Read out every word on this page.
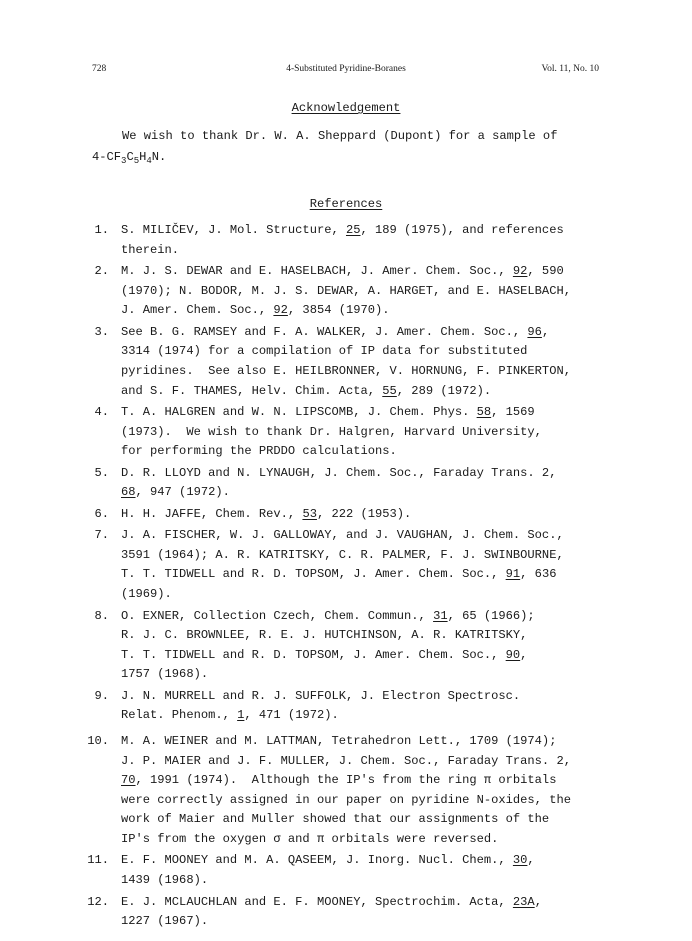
728	4-Substituted Pyridine-Boranes	Vol. 11, No. 10
Acknowledgement
We wish to thank Dr. W. A. Sheppard (Dupont) for a sample of
$4-CF_3C_5H_4N$.
References
1. S. MILIČEV, J. Mol. Structure, 25, 189 (1975), and references
therein.
2. M. J. S. DEWAR and E. HASELBACH, J. Amer. Chem. Soc., 92, 590
(1970); N. BODOR, M. J. S. DEWAR, A. HARGET, and E. HASELBACH,
J. Amer. Chem. Soc., 92, 3854 (1970).
3. See B. G. RAMSEY and F. A. WALKER, J. Amer. Chem. Soc., 96,
3314 (1974) for a compilation of IP data for substituted
pyridines.  See also E. HEILBRONNER, V. HORNUNG, F. PINKERTON,
and S. F. THAMES, Helv. Chim. Acta, 55, 289 (1972).
4. T. A. HALGREN and W. N. LIPSCOMB, J. Chem. Phys. 58, 1569
(1973).  We wish to thank Dr. Halgren, Harvard University,
for performing the PRDDO calculations.
5. D. R. LLOYD and N. LYNAUGH, J. Chem. Soc., Faraday Trans. 2,
68, 947 (1972).
6. H. H. JAFFE, Chem. Rev., 53, 222 (1953).
7. J. A. FISCHER, W. J. GALLOWAY, and J. VAUGHAN, J. Chem. Soc.,
3591 (1964); A. R. KATRITSKY, C. R. PALMER, F. J. SWINBOURNE,
T. T. TIDWELL and R. D. TOPSOM, J. Amer. Chem. Soc., 91, 636
(1969).
8. O. EXNER, Collection Czech, Chem. Commun., 31, 65 (1966);
R. J. C. BROWNLEE, R. E. J. HUTCHINSON, A. R. KATRITSKY,
T. T. TIDWELL and R. D. TOPSOM, J. Amer. Chem. Soc., 90,
1757 (1968).
9. J. N. MURRELL and R. J. SUFFOLK, J. Electron Spectrosc.
Relat. Phenom., 1, 471 (1972).
10. M. A. WEINER and M. LATTMAN, Tetrahedron Lett., 1709 (1974);
J. P. MAIER and J. F. MULLER, J. Chem. Soc., Faraday Trans. 2,
70, 1991 (1974).  Although the IP's from the ring π orbitals
were correctly assigned in our paper on pyridine N-oxides, the
work of Maier and Muller showed that our assignments of the
IP's from the oxygen σ and π orbitals were reversed.
11. E. F. MOONEY and M. A. QASEEM, J. Inorg. Nucl. Chem., 30,
1439 (1968).
12. E. J. MCLAUCHLAN and E. F. MOONEY, Spectrochim. Acta, 23A,
1227 (1967).
